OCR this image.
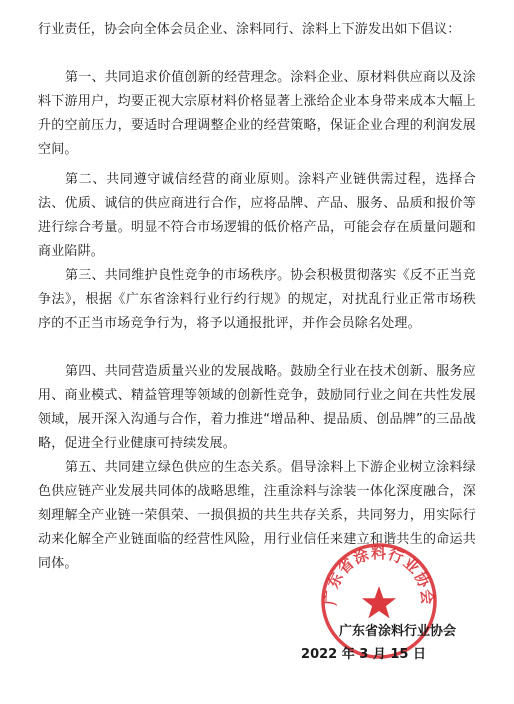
行业责任，协会向全体会员企业、涂料同行、涂料上下游发出如下倡议：

第一、共同追求价值创新的经营理念。涂料企业、原材料供应商以及涂料下游用户，均要正视大宗原材料价格显著上涨给企业本身带来成本大幅上升的空前压力，要适时合理调整企业的经营策略，保证企业合理的利润发展空间。

第二、共同遵守诚信经营的商业原则。涂料产业链供需过程，选择合法、优质、诚信的供应商进行合作，应将品牌、产品、服务、品质和报价等进行综合考量。明显不符合市场逻辑的低价格产品，可能会存在质量问题和商业陷阱。

第三、共同维护良性竞争的市场秩序。协会积极贯彻落实《反不正当竞争法》，根据《广东省涂料行业行约行规》的规定，对扰乱行业正常市场秩序的不正当市场竞争行为，将予以通报批评，并作会员除名处理。

第四、共同营造质量兴业的发展战略。鼓励全行业在技术创新、服务应用、商业模式、精益管理等领域的创新性竞争，鼓励同行业之间在共性发展领域，展开深入沟通与合作，着力推进“增品种、提品质、创品牌”的三品战略，促进全行业健康可持续发展。

第五、共同建立绿色供应的生态关系。倡导涂料上下游企业树立涂料绿色供应链产业发展共同体的战略思维，注重涂料与涂装一体化深度融合，深刻理解全产业链一荣俱荣、一损俱损的共生共存关系，共同努力，用实际行动来化解全产业链面临的经营性风险，用行业信任来建立和谐共生的命运共同体。

广东省涂料行业协会
广东省涂料行业协会
2022 年 3 月 15 日
